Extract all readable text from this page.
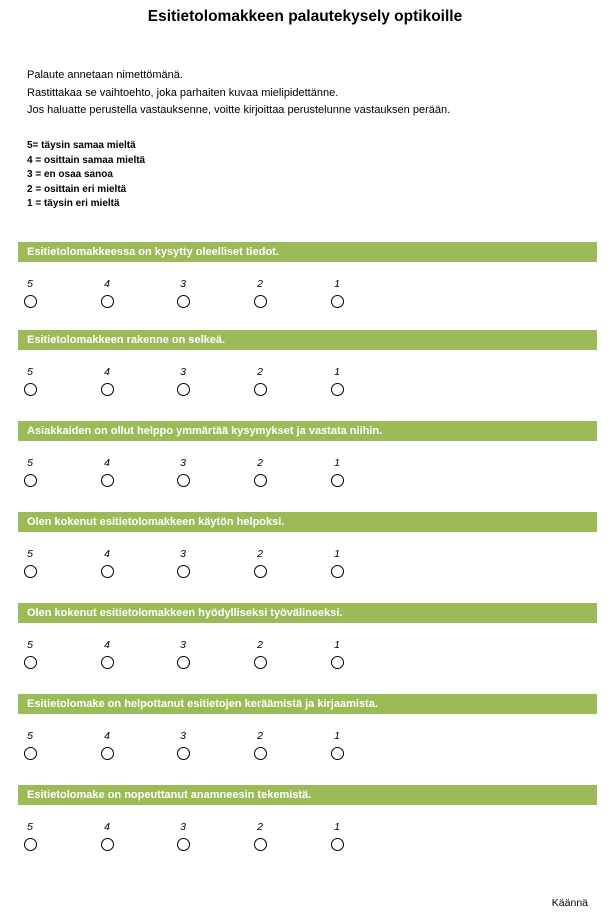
Esitietolomakkeen palautekysely optikoille
Palaute annetaan nimettömänä.
Rastittakaa se vaihtoehto, joka parhaiten kuvaa mielipidettänne.
Jos haluatte perustella vastauksenne, voitte kirjoittaa perustelunne vastauksen perään.
5= täysin samaa mieltä
4 = osittain samaa mieltä
3 = en osaa sanoa
2 = osittain eri mieltä
1 = täysin eri mieltä
Esitietolomakkeessa on kysytty oleelliset tiedot.
5	4	3	2	1
Esitietolomakkeen rakenne on selkeä.
5	4	3	2	1
Asiakkaiden on ollut helppo ymmärtää kysymykset ja vastata niihin.
5	4	3	2	1
Olen kokenut esitietolomakkeen käytön helpoksi.
5	4	3	2	1
Olen kokenut esitietolomakkeen hyödylliseksi työvälineeksi.
5	4	3	2	1
Esitietolomake on helpottanut esitietojen keräämistä ja kirjaamista.
5	4	3	2	1
Esitietolomake on nopeuttanut anamneesin tekemistä.
5	4	3	2	1
Käännä
